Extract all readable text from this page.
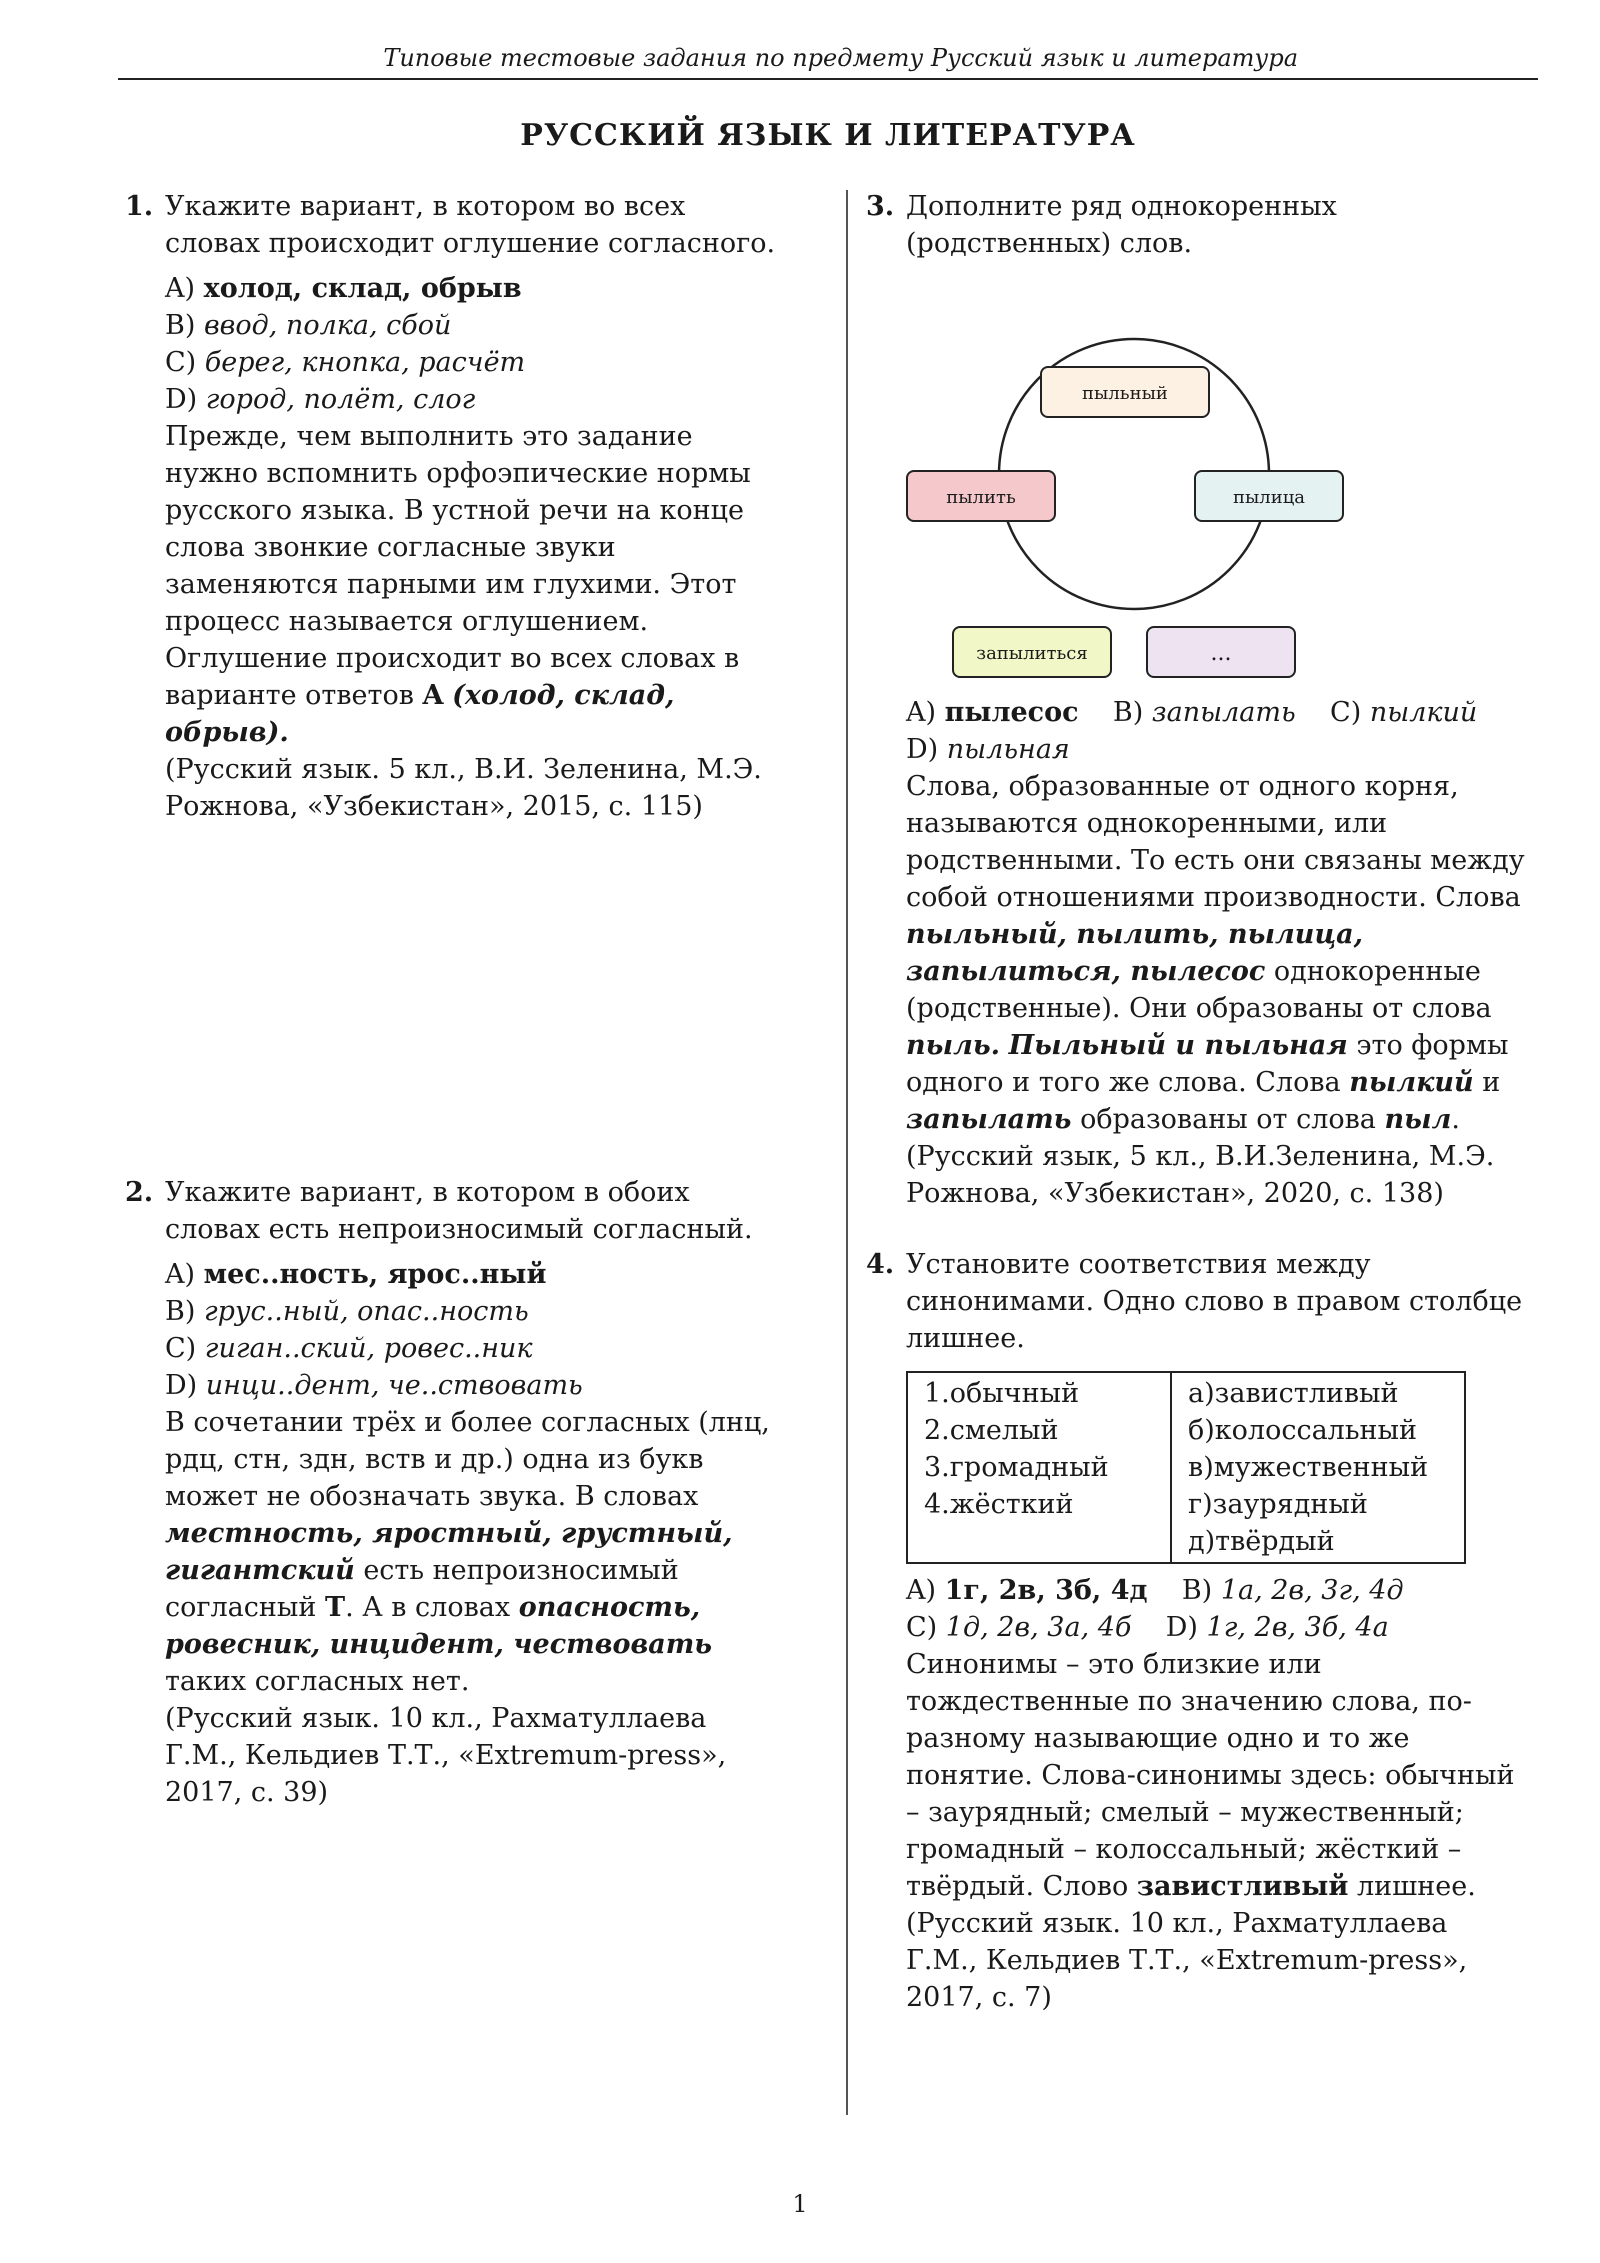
Типовые тестовые задания по предмету Русский язык и литература
РУССКИЙ ЯЗЫК И ЛИТЕРАТУРА
1. Укажите вариант, в котором во всех словах происходит оглушение согласного.

A) холод, склад, обрыв
B) ввод, полка, сбой
C) берег, кнопка, расчёт
D) город, полёт, слог

Прежде, чем выполнить это задание нужно вспомнить орфоэпические нормы русского языка. В устной речи на конце слова звонкие согласные звуки заменяются парными им глухими. Этот процесс называется оглушением. Оглушение происходит во всех словах в варианте ответов A (холод, склад, обрыв).

(Русский язык. 5 кл., В.И. Зеленина, М.Э. Рожнова, «Узбекистан», 2015, с. 115)

2. Укажите вариант, в котором в обоих словах есть непроизносимый согласный.

A) мес..ность, ярос..ный
B) грус..ный, опас..ность
C) гиган..ский, ровес..ник
D) инци..дент, че..ствовать

В сочетании трёх и более согласных (лнц, рдц, стн, здн, вств и др.) одна из букв может не обозначать звука. В словах местность, яростный, грустный, гигантский есть непроизносимый согласный Т. А в словах опасность, ровесник, инцидент, чествовать таких согласных нет.

(Русский язык. 10 кл., Рахматуллаева Г.М., Кельдиев Т.Т., «Extremum-press», 2017, с. 39)

3. Дополните ряд однокоренных (родственных) слов.

пыльный
пылица
...
запылиться
пылить
A) пылесос B) запылать C) пылкий
D) пыльная

Слова, образованные от одного корня, называются однокоренными, или родственными. То есть они связаны между собой отношениями производности. Слова пыльный, пылить, пылица, запылиться, пылесос однокоренные (родственные). Они образованы от слова пыль. Пыльный и пыльная это формы одного и того же слова. Слова пылкий и запылать образованы от слова пыл.

(Русский язык, 5 кл., В.И.Зеленина, М.Э. Рожнова, «Узбекистан», 2020, с. 138)

4. Установите соответствия между синонимами. Одно слово в правом столбце лишнее.

1.обычный
2.смелый
3.громадный
4.жёсткий

а)завистливый
б)колоссальный
в)мужественный
г)заурядный
д)твёрдый
A) 1г, 2в, 3б, 4д B) 1а, 2в, 3г, 4д
C) 1д, 2в, 3а, 4б D) 1г, 2в, 3б, 4а

Синонимы – это близкие или тождественные по значению слова, по-разному называющие одно и то же понятие. Слова-синонимы здесь: обычный – заурядный; смелый – мужественный; громадный – колоссальный; жёсткий – твёрдый. Слово завистливый лишнее.

(Русский язык. 10 кл., Рахматуллаева Г.М., Кельдиев Т.Т., «Extremum-press», 2017, с. 7)

1
